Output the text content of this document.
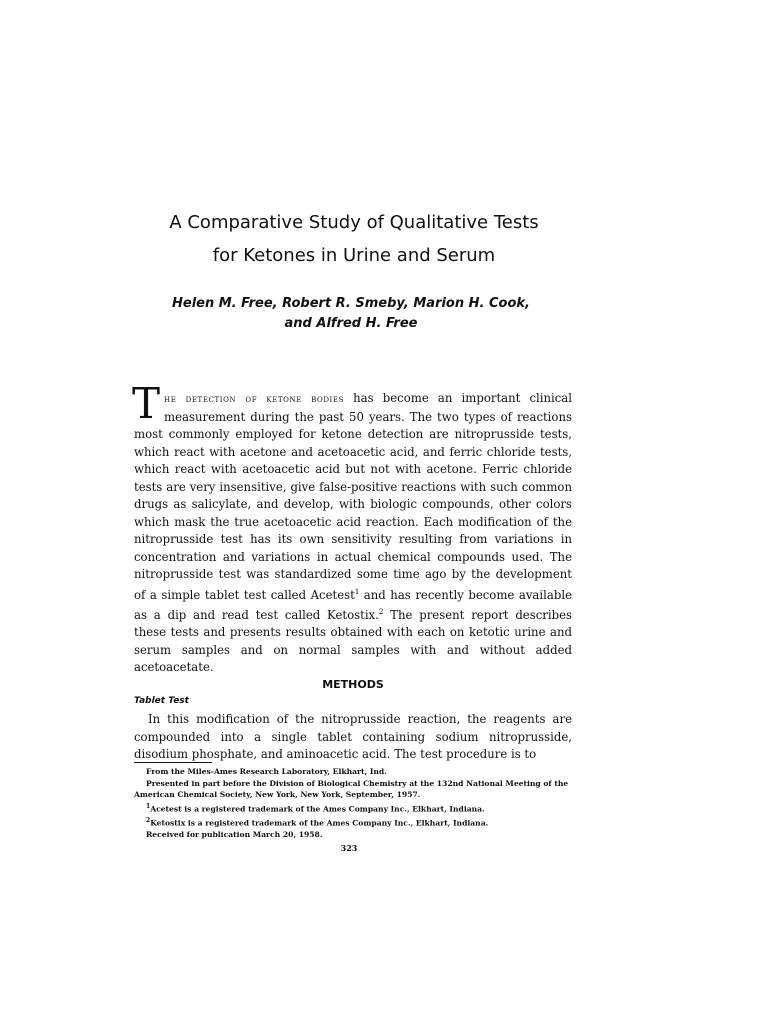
A Comparative Study of Qualitative Tests
for Ketones in Urine and Serum
Helen M. Free, Robert R. Smeby, Marion H. Cook,
and Alfred H. Free
The detection of ketone bodies has become an important clinical measurement during the past 50 years. The two types of reactions most commonly employed for ketone detection are nitroprusside tests, which react with acetone and acetoacetic acid, and ferric chloride tests, which react with acetoacetic acid but not with acetone. Ferric chloride tests are very insensitive, give false-positive reactions with such common drugs as salicylate, and develop, with biologic compounds, other colors which mask the true acetoacetic acid reaction. Each modification of the nitroprusside test has its own sensitivity resulting from variations in concentration and variations in actual chemical compounds used. The nitroprusside test was standardized some time ago by the development of a simple tablet test called Acetest$^1$ and has recently become available as a dip and read test called Ketostix.$^2$ The present report describes these tests and presents results obtained with each on ketotic urine and serum samples and on normal samples with and without added acetoacetate.
METHODS
Tablet Test
In this modification of the nitroprusside reaction, the reagents are compounded into a single tablet containing sodium nitroprusside, disodium phosphate, and aminoacetic acid. The test procedure is to

From the Miles-Ames Research Laboratory, Elkhart, Ind.

Presented in part before the Division of Biological Chemistry at the 132nd National Meeting of the American Chemical Society, New York, New York, September, 1957.

$^1$Acetest is a registered trademark of the Ames Company Inc., Elkhart, Indiana.

$^2$Ketostix is a registered trademark of the Ames Company Inc., Elkhart, Indiana.

Received for publication March 20, 1958.

323
